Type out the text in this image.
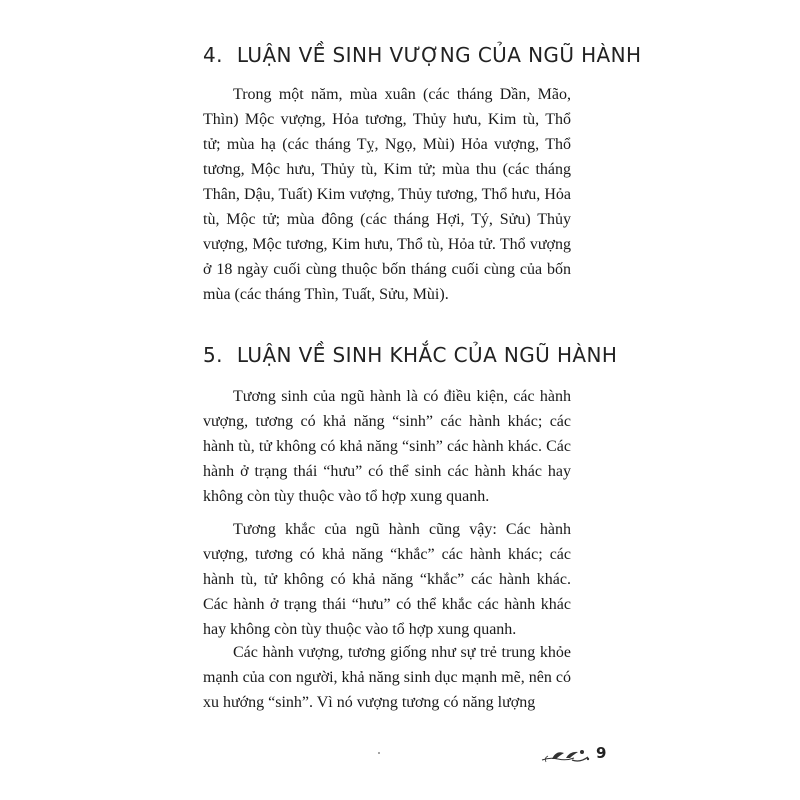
4. LUẬN VỀ SINH VƯỢNG CỦA NGŨ HÀNH

Trong một năm, mùa xuân (các tháng Dần, Mão, Thìn) Mộc vượng, Hỏa tương, Thủy hưu, Kim tù, Thổ tử; mùa hạ (các tháng Tỵ, Ngọ, Mùi) Hỏa vượng, Thổ tương, Mộc hưu, Thủy tù, Kim tử; mùa thu (các tháng Thân, Dậu, Tuất) Kim vượng, Thủy tương, Thổ hưu, Hỏa tù, Mộc tử; mùa đông (các tháng Hợi, Tý, Sửu) Thủy vượng, Mộc tương, Kim hưu, Thổ tù, Hỏa tử. Thổ vượng ở 18 ngày cuối cùng thuộc bốn tháng cuối cùng của bốn mùa (các tháng Thìn, Tuất, Sửu, Mùi).

5. LUẬN VỀ SINH KHẮC CỦA NGŨ HÀNH

Tương sinh của ngũ hành là có điều kiện, các hành vượng, tương có khả năng “sinh” các hành khác; các hành tù, tử không có khả năng “sinh” các hành khác. Các hành ở trạng thái “hưu” có thể sinh các hành khác hay không còn tùy thuộc vào tổ hợp xung quanh.

Tương khắc của ngũ hành cũng vậy: Các hành vượng, tương có khả năng “khắc” các hành khác; các hành tù, tử không có khả năng “khắc” các hành khác. Các hành ở trạng thái “hưu” có thể khắc các hành khác hay không còn tùy thuộc vào tổ hợp xung quanh.

Các hành vượng, tương giống như sự trẻ trung khỏe mạnh của con người, khả năng sinh dục mạnh mẽ, nên có xu hướng “sinh”. Vì nó vượng tương có năng lượng

9
